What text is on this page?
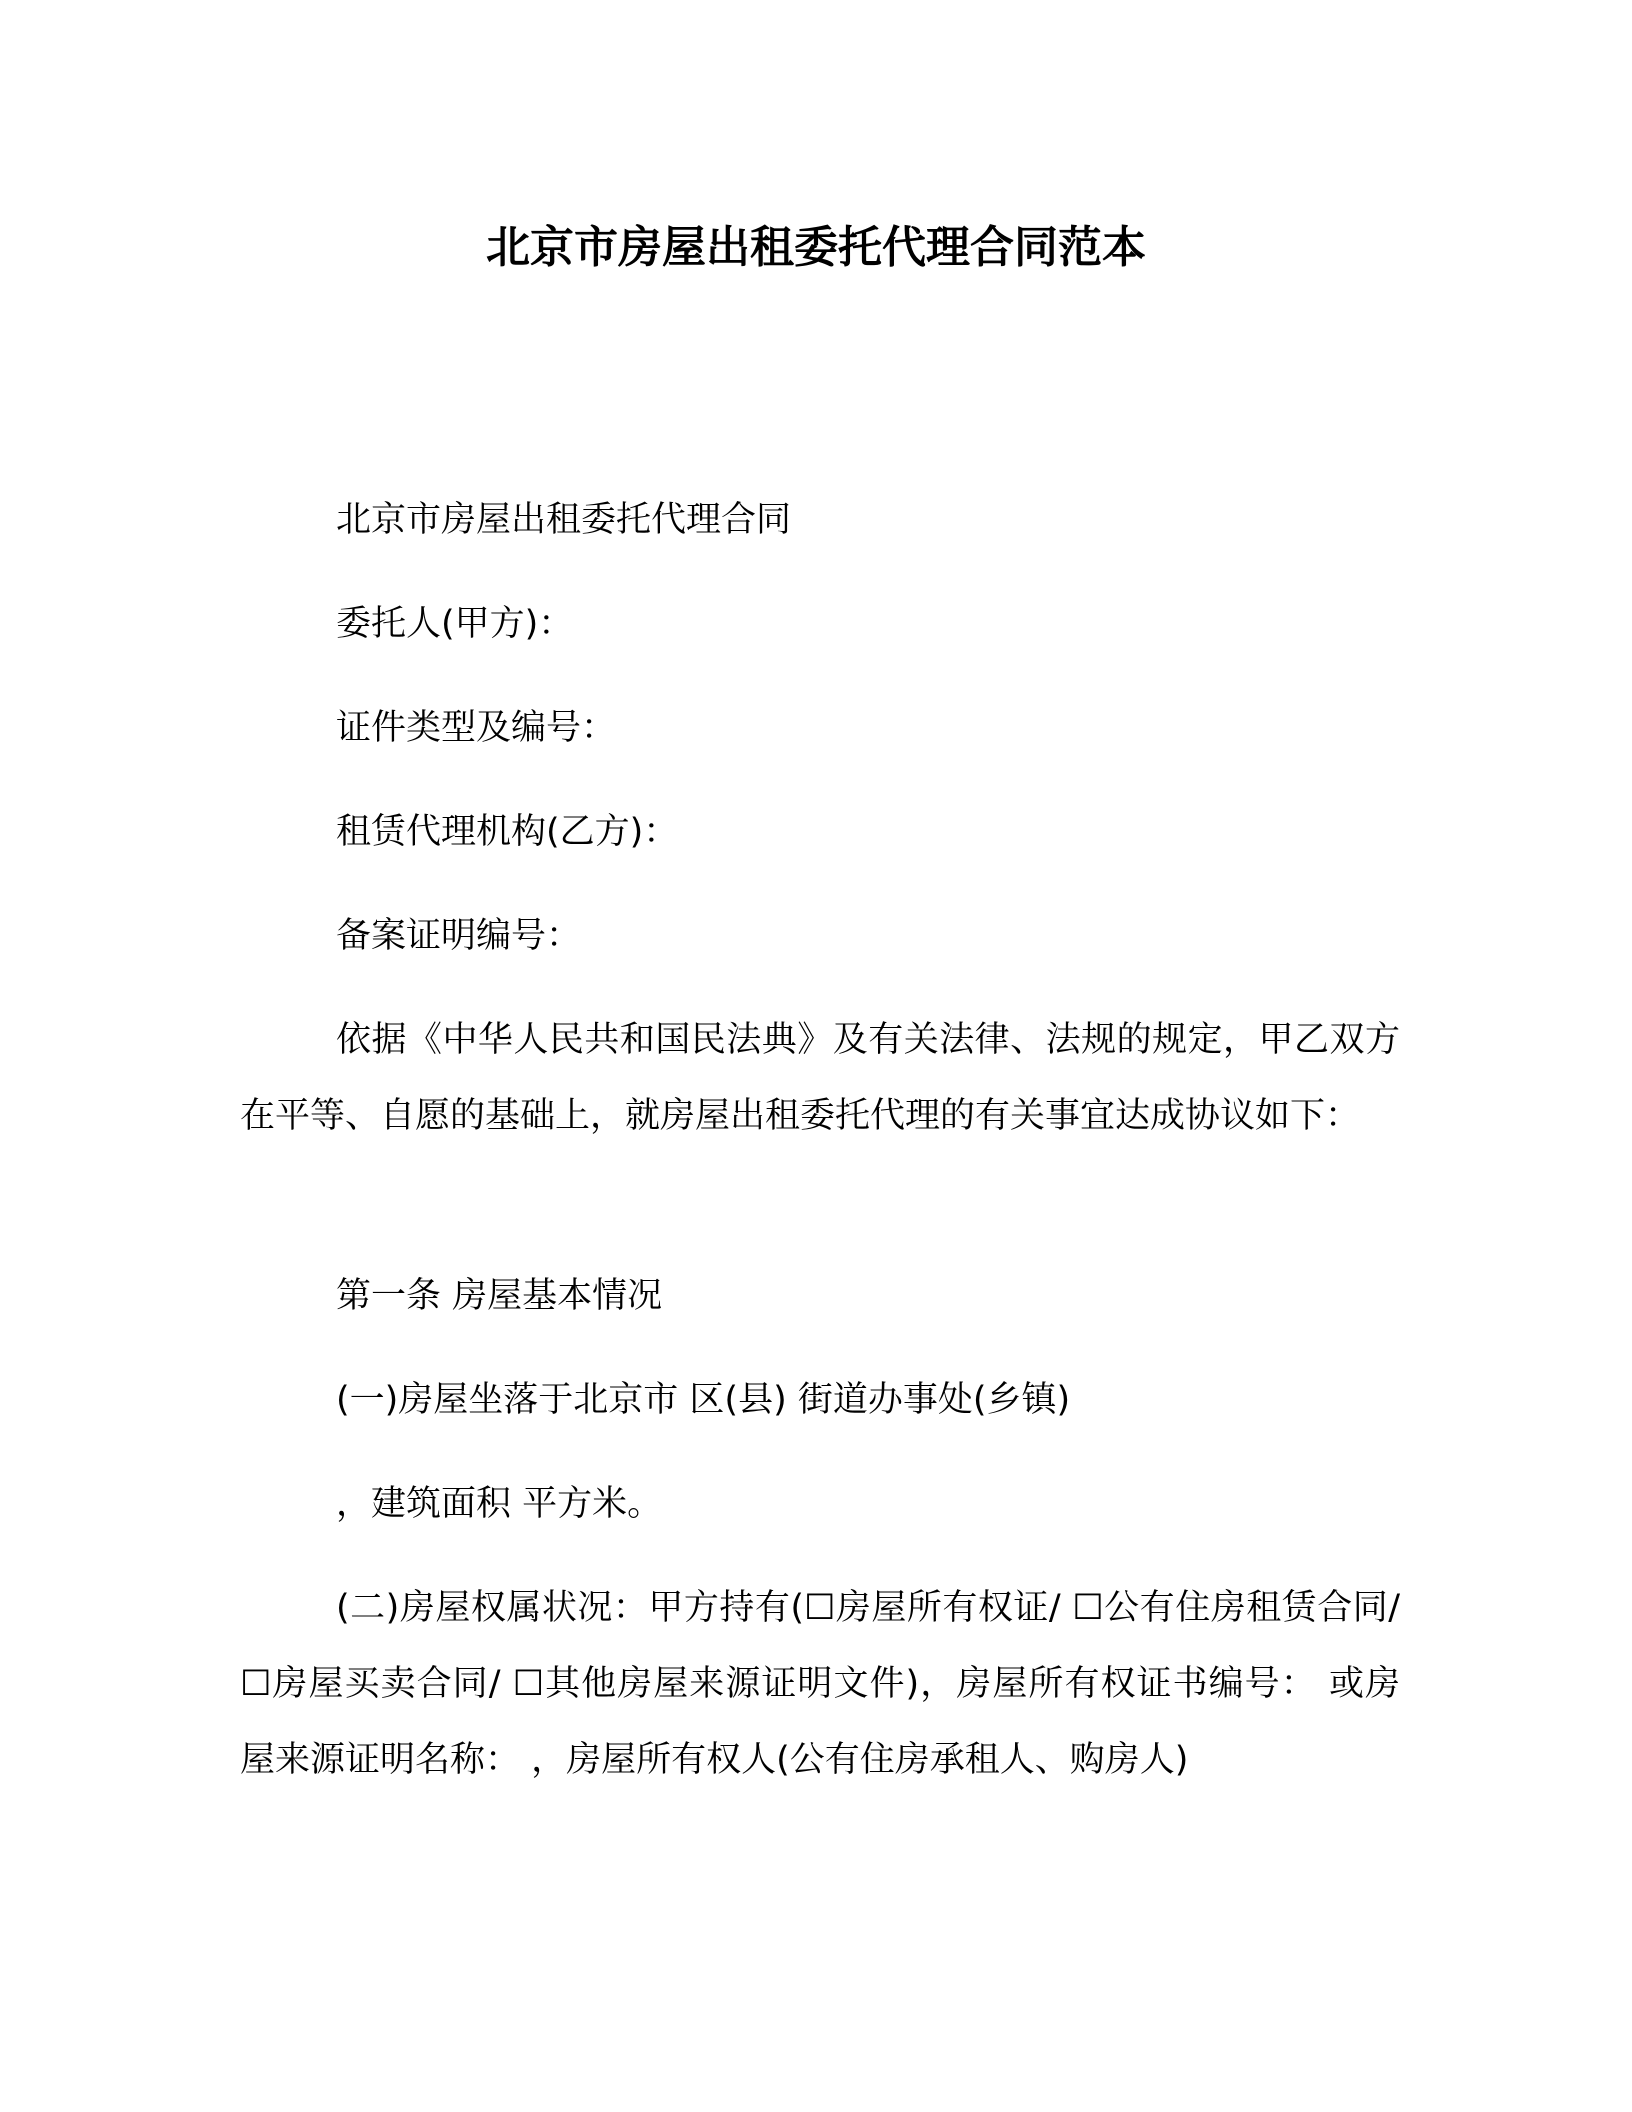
北京市房屋出租委托代理合同范本
北京市房屋出租委托代理合同
委托人(甲方)：
证件类型及编号：
租赁代理机构(乙方)：
备案证明编号：
依据《中华人民共和国民法典》及有关法律、法规的规定，甲乙双方在平等、自愿的基础上，就房屋出租委托代理的有关事宜达成协议如下：
第一条 房屋基本情况
(一)房屋坐落于北京市 区(县) 街道办事处(乡镇)
，建筑面积 平方米。
(二)房屋权属状况：甲方持有(☐房屋所有权证/ ☐公有住房租赁合同/ ☐房屋买卖合同/ ☐其他房屋来源证明文件)，房屋所有权证书编号： 或房屋来源证明名称： ，房屋所有权人(公有住房承租人、购房人)
